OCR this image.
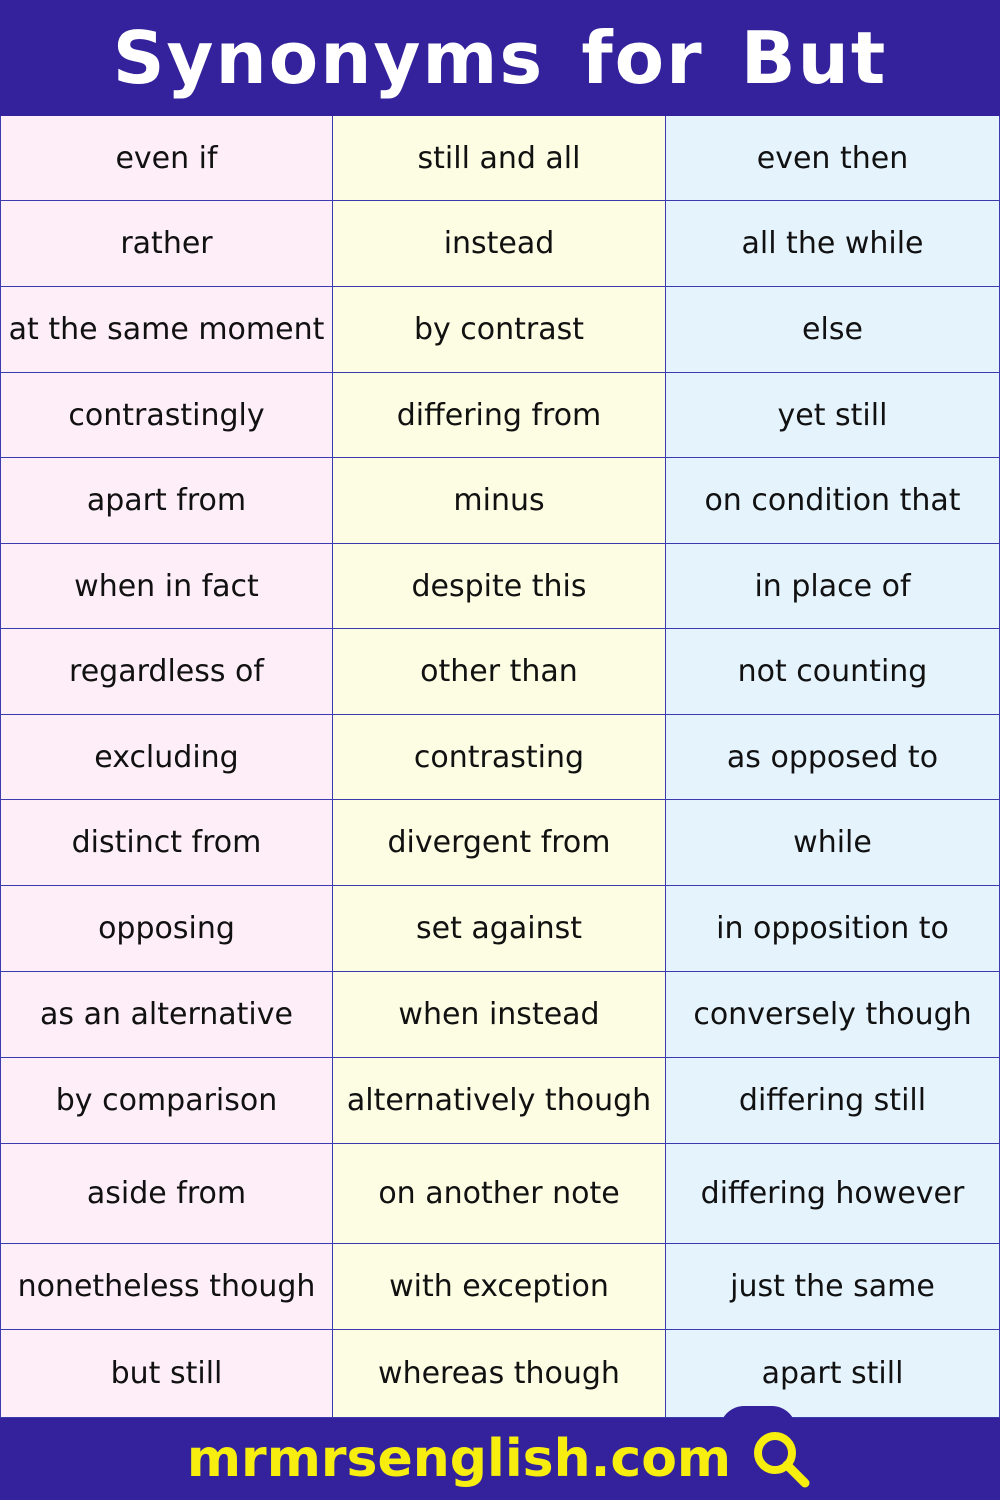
Synonyms for But
even if	still and all	even then
rather	instead	all the while
at the same moment	by contrast	else
contrastingly	differing from	yet still
apart from	minus	on condition that
when in fact	despite this	in place of
regardless of	other than	not counting
excluding	contrasting	as opposed to
distinct from	divergent from	while
opposing	set against	in opposition to
as an alternative	when instead	conversely though
by comparison	alternatively though	differing still
aside from	on another note	differing however
nonetheless though	with exception	just the same
but still	whereas though	apart still
mrmrsenglish.com
